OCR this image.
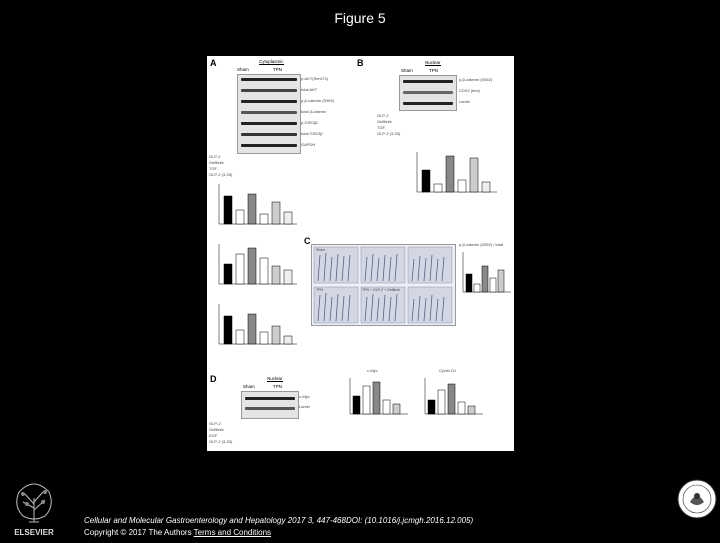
Figure 5
A	Cytoplasmic
Sham	TPN
p-AKT(Ser473)
total AKT
p-β-catenin (S552)
total β-catenin
p-GSK3β
total GSK3β
GAPDH
GLP-2
Gefitinib
TGF
GLP-2 (3-33)
B	Nuclear
Sham	TPN
p-β-catenin (S552)
CDX2 (blot)
Lamin
GLP-2
Gefitinib
TGF
GLP-2 (3-33)
C
Sham
TPN	TPN + GLP-2 + Gefitinib
p-β-catenin (S552) / total
D	Nuclear
Sham	TPN
c-Myc
Lamin
GLP-2
Gefitinib
EGF
GLP-2 (3-33)
c-Myc	Cyclin D1
ELSEVIER
Cellular and Molecular Gastroenterology and Hepatology 2017 3, 447-468DOI: (10.1016/j.jcmgh.2016.12.005)
Copyright © 2017 The Authors Terms and Conditions
